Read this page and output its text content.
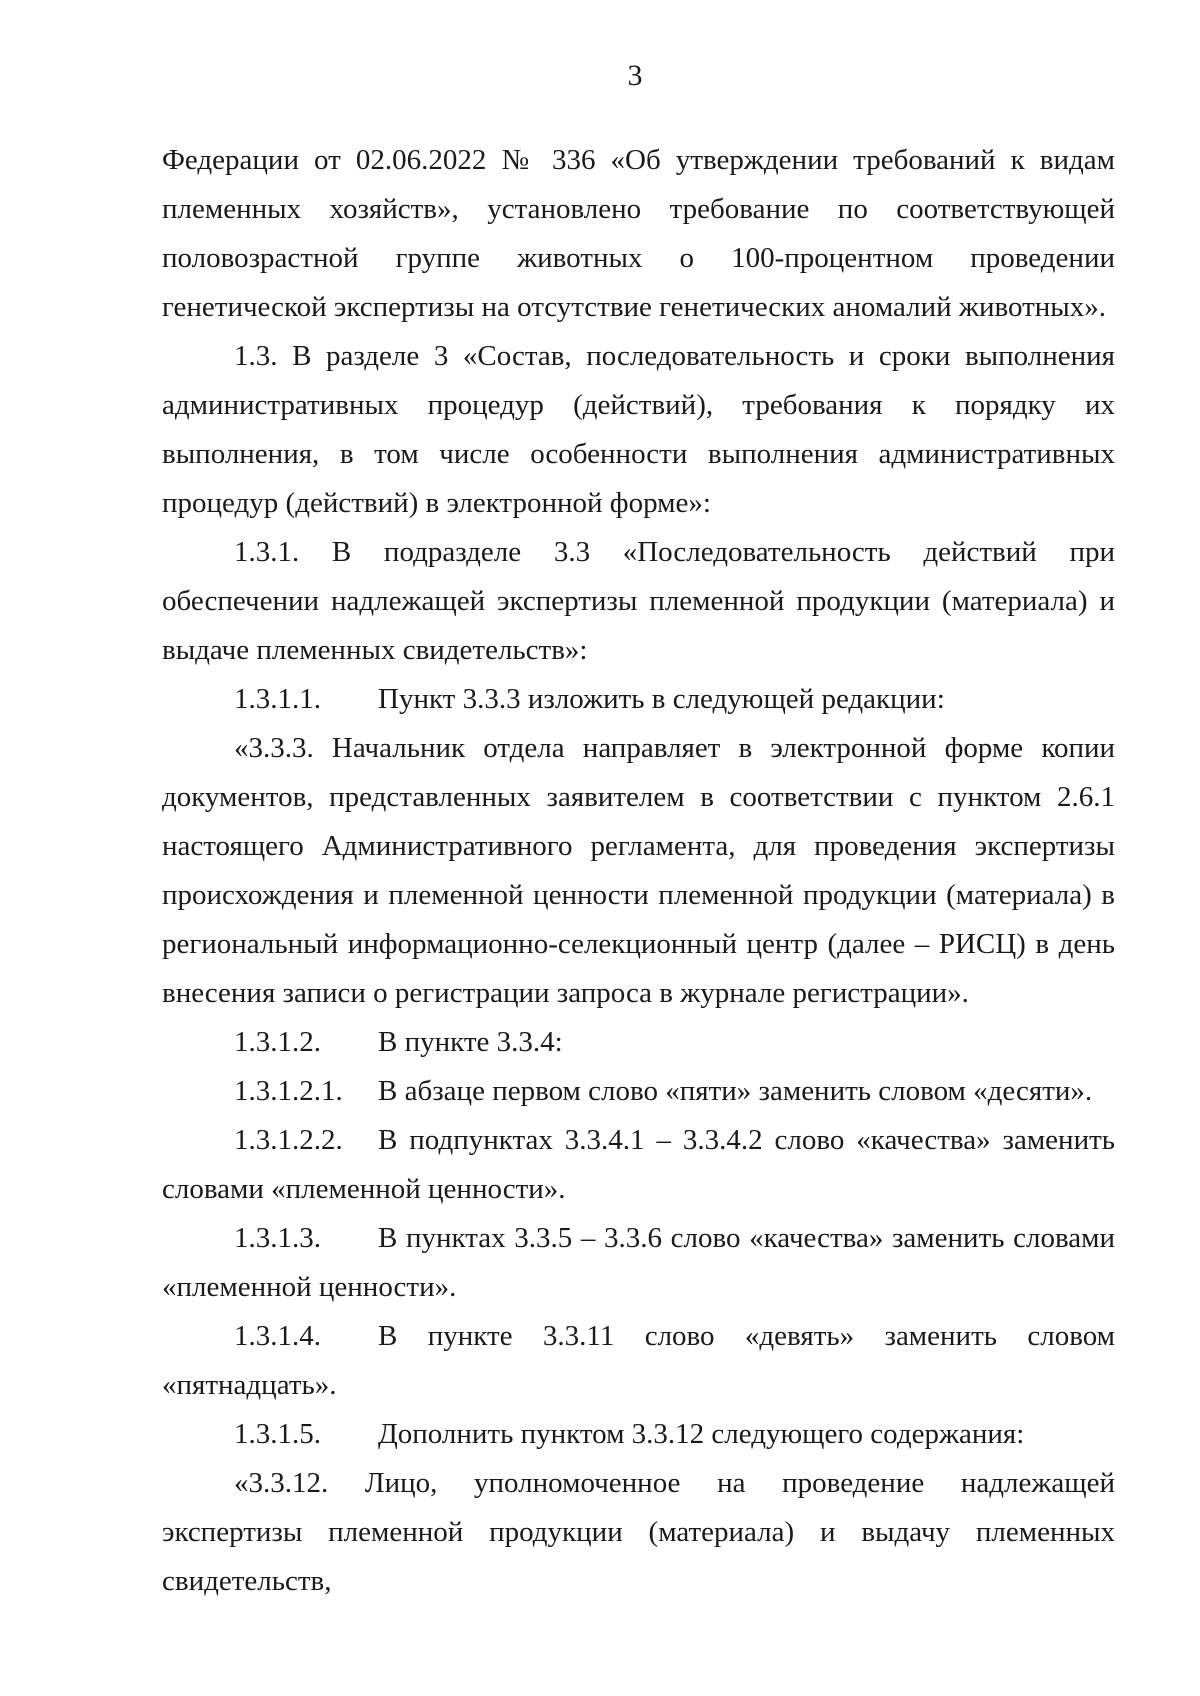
3

Федерации от 02.06.2022 № 336 «Об утверждении требований к видам племенных хозяйств», установлено требование по соответствующей половозрастной группе животных о 100-процентном проведении генетической экспертизы на отсутствие генетических аномалий животных».

1.3. В разделе 3 «Состав, последовательность и сроки выполнения административных процедур (действий), требования к порядку их выполнения, в том числе особенности выполнения административных процедур (действий) в электронной форме»:

1.3.1. В подразделе 3.3 «Последовательность действий при обеспечении надлежащей экспертизы племенной продукции (материала) и выдаче племенных свидетельств»:

1.3.1.1.	Пункт 3.3.3 изложить в следующей редакции:

«3.3.3. Начальник отдела направляет в электронной форме копии документов, представленных заявителем в соответствии с пунктом 2.6.1 настоящего Административного регламента, для проведения экспертизы происхождения и племенной ценности племенной продукции (материала) в региональный информационно-селекционный центр (далее – РИСЦ) в день внесения записи о регистрации запроса в журнале регистрации».

1.3.1.2.	В пункте 3.3.4:
1.3.1.2.1.	В абзаце первом слово «пяти» заменить словом «десяти».
1.3.1.2.2.	В подпунктах 3.3.4.1 – 3.3.4.2 слово «качества» заменить

словами «племенной ценности».

1.3.1.3.	В пунктах 3.3.5 – 3.3.6 слово «качества» заменить словами

«племенной ценности».

1.3.1.4.	В пункте 3.3.11 слово «девять» заменить словом

«пятнадцать».

1.3.1.5.	Дополнить пунктом 3.3.12 следующего содержания:

«3.3.12. Лицо, уполномоченное на проведение надлежащей экспертизы племенной продукции (материала) и выдачу племенных свидетельств,
